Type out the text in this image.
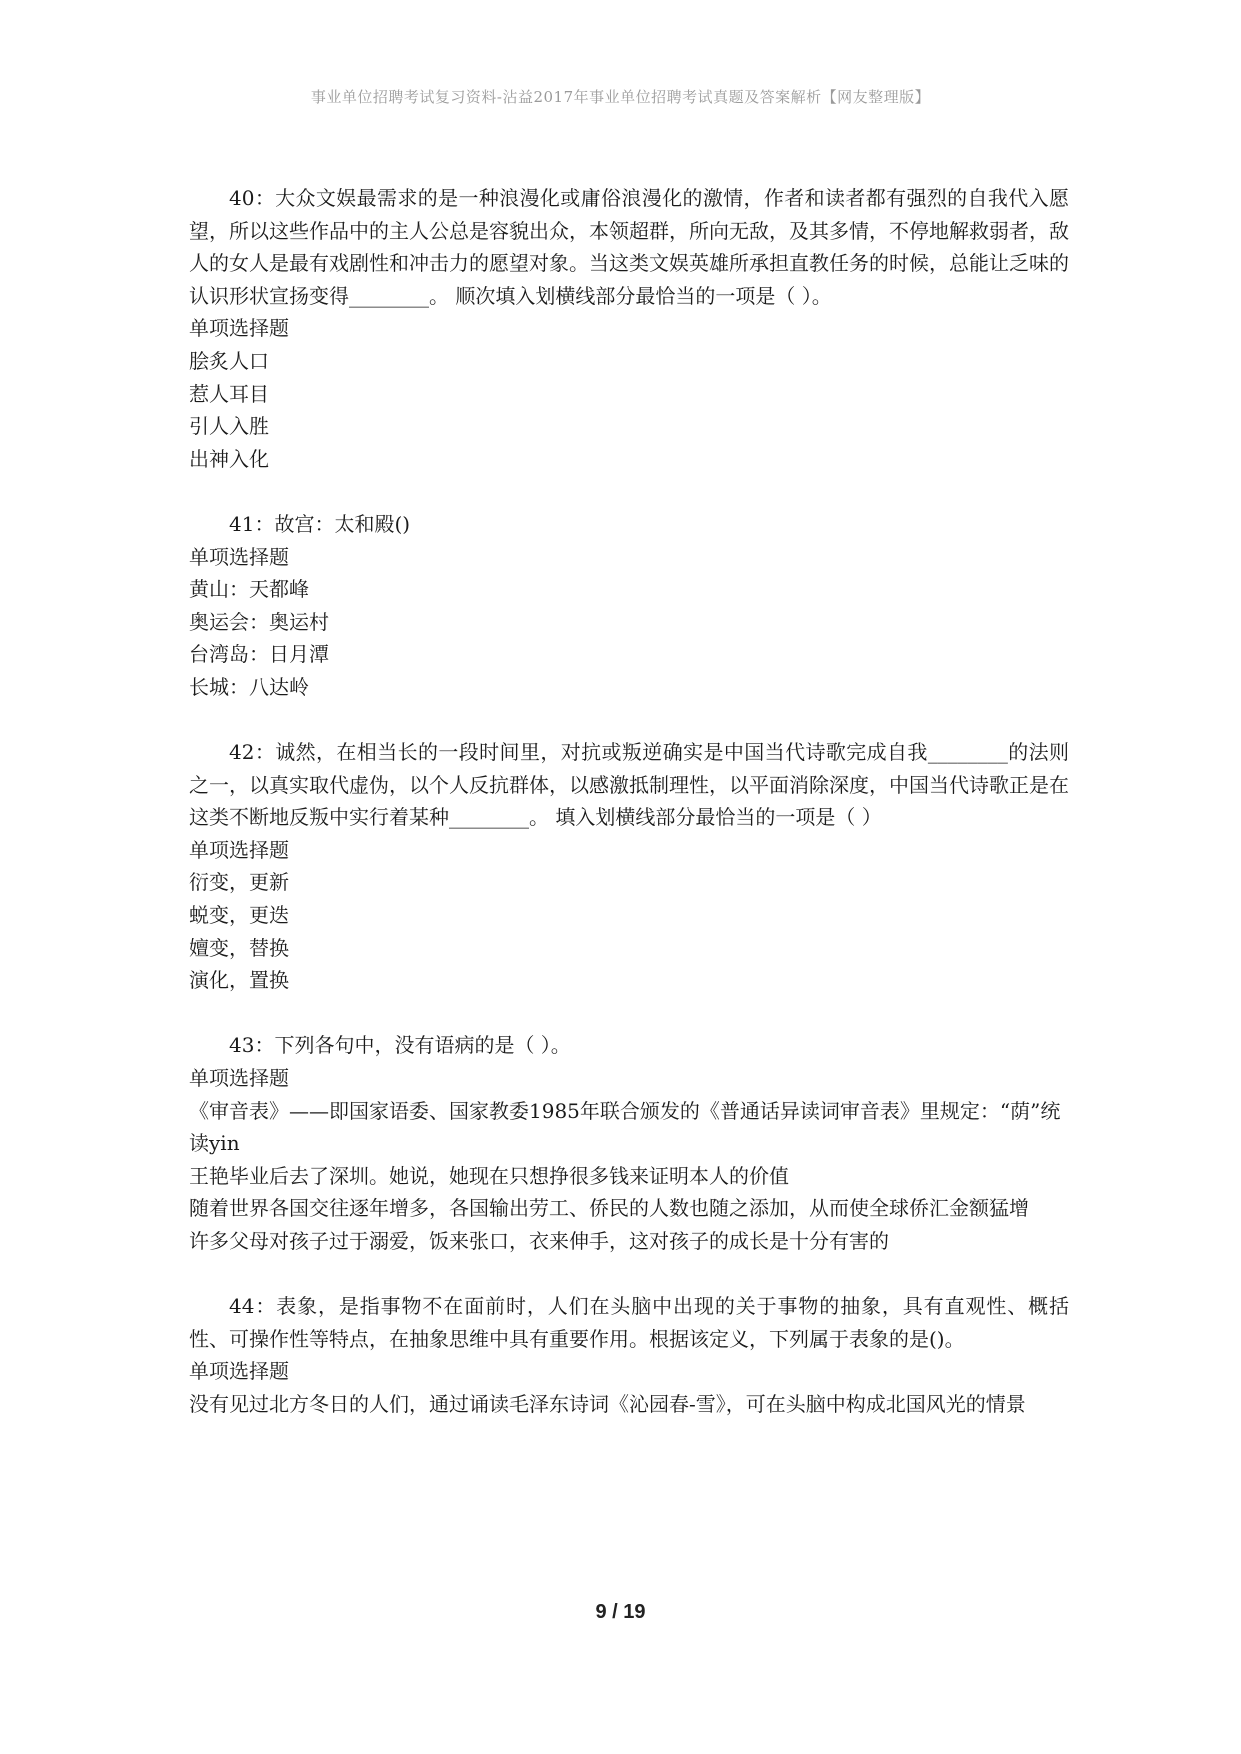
事业单位招聘考试复习资料-沾益2017年事业单位招聘考试真题及答案解析【网友整理版】

40：大众文娱最需求的是一种浪漫化或庸俗浪漫化的激情，作者和读者都有强烈的自我代入愿望，所以这些作品中的主人公总是容貌出众，本领超群，所向无敌，及其多情，不停地解救弱者，敌人的女人是最有戏剧性和冲击力的愿望对象。当这类文娱英雄所承担直教任务的时候，总能让乏味的认识形状宣扬变得________。 顺次填入划横线部分最恰当的一项是（ ）。

单项选择题

脍炙人口

惹人耳目

引人入胜

出神入化

41：故宫：太和殿()

单项选择题

黄山：天都峰

奥运会：奥运村

台湾岛：日月潭

长城：八达岭

42：诚然，在相当长的一段时间里，对抗或叛逆确实是中国当代诗歌完成自我________的法则之一，以真实取代虚伪，以个人反抗群体，以感激抵制理性，以平面消除深度，中国当代诗歌正是在这类不断地反叛中实行着某种________。 填入划横线部分最恰当的一项是（ ）

单项选择题

衍变，更新

蜕变，更迭

嬗变，替换

演化，置换

43：下列各句中，没有语病的是（ ）。

单项选择题

《审音表》——即国家语委、国家教委1985年联合颁发的《普通话异读词审音表》里规定：“荫”统读yin

王艳毕业后去了深圳。她说，她现在只想挣很多钱来证明本人的价值

随着世界各国交往逐年增多，各国输出劳工、侨民的人数也随之添加，从而使全球侨汇金额猛增

许多父母对孩子过于溺爱，饭来张口，衣来伸手，这对孩子的成长是十分有害的

44：表象，是指事物不在面前时，人们在头脑中出现的关于事物的抽象，具有直观性、概括性、可操作性等特点，在抽象思维中具有重要作用。根据该定义，下列属于表象的是()。

单项选择题

没有见过北方冬日的人们，通过诵读毛泽东诗词《沁园春-雪》，可在头脑中构成北国风光的情景

9 / 19
